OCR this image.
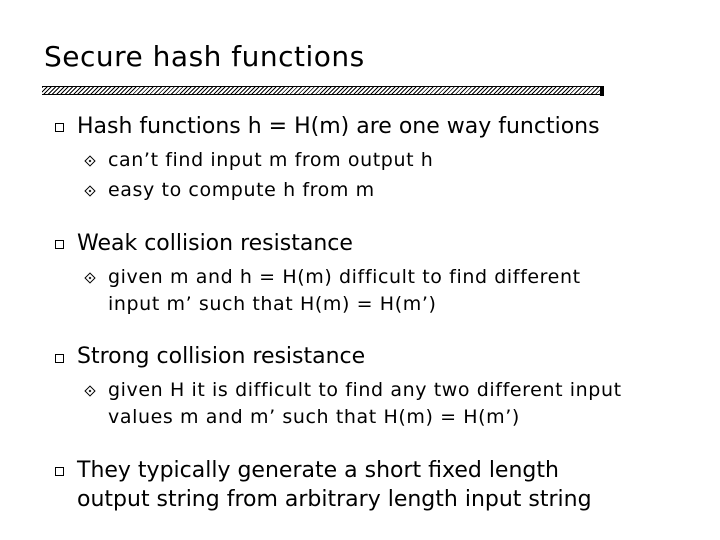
Secure hash functions
Hash functions h = H(m) are one way functions
can’t find input m from output h
easy to compute h from m
Weak collision resistance
given m and h = H(m) difficult to find different
input m’ such that H(m) = H(m’)
Strong collision resistance
given H it is difficult to find any two different input
values m and m’ such that H(m) = H(m’)
They typically generate a short fixed length
output string from arbitrary length input string
